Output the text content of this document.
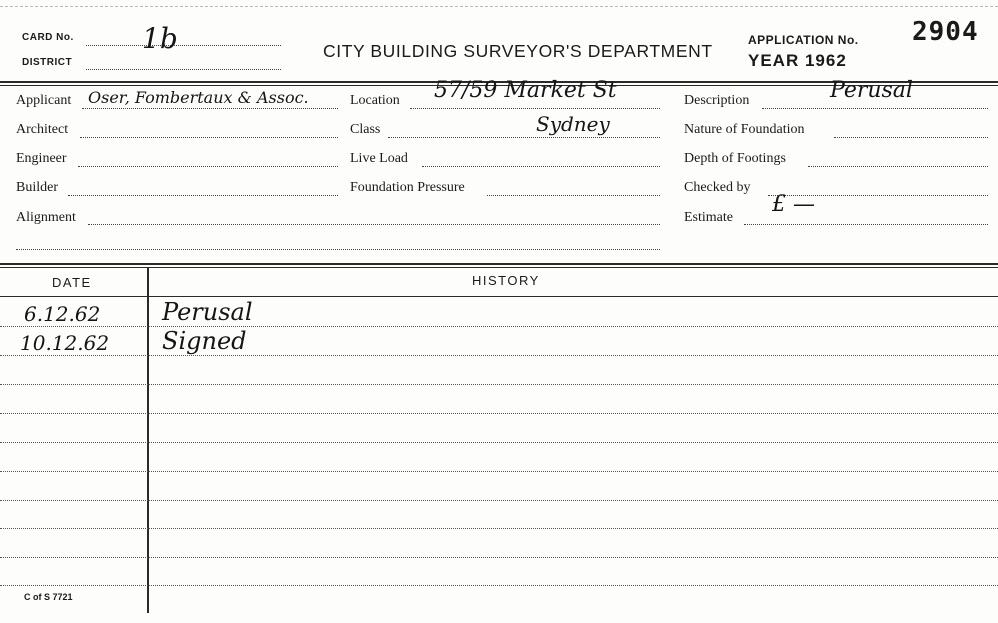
CARD No. 1b
DISTRICT
CITY BUILDING SURVEYOR'S DEPARTMENT
APPLICATION No. 2904
YEAR 1962
Applicant Oser, Fombertaux & Assoc.
Architect
Engineer
Builder
Alignment
Location 57/59 Market St
Class	Sydney
Live Load
Foundation Pressure
Description	Perusal
Nature of Foundation
Depth of Footings
Checked by
Estimate
£ —
DATE	HISTORY
6.12.62	Perusal
10.12.62 Signed
C of S 7721
